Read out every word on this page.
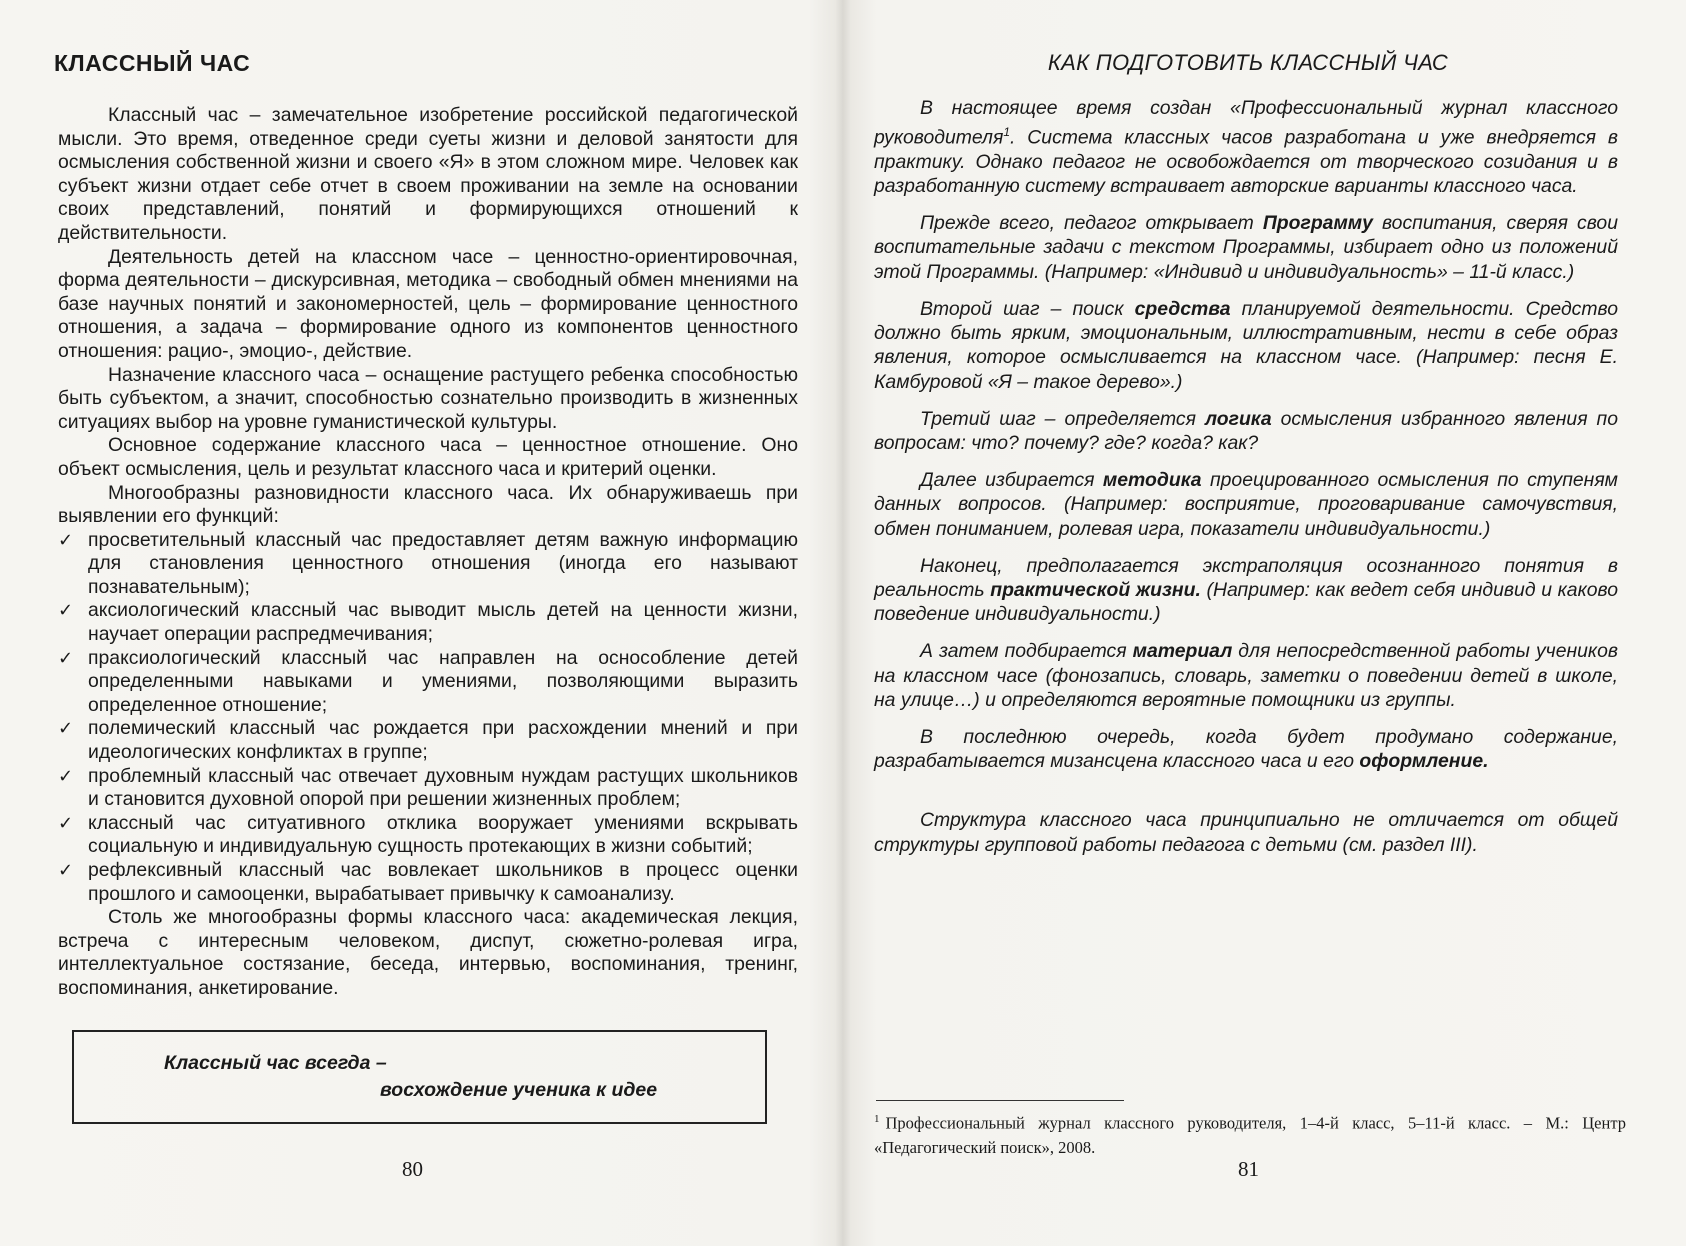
КЛАССНЫЙ ЧАС

Классный час – замечательное изобретение российской педагогической мысли. Это время, отведенное среди суеты жизни и деловой занятости для осмысления собственной жизни и своего «Я» в этом сложном мире. Человек как субъект жизни отдает себе отчет в своем проживании на земле на основании своих представлений, понятий и формирующихся отношений к действительности.

Деятельность детей на классном часе – ценностно-ориентировочная, форма деятельности – дискурсивная, методика – свободный обмен мнениями на базе научных понятий и закономерностей, цель – формирование ценностного отношения, а задача – формирование одного из компонентов ценностного отношения: рацио-, эмоцио-, действие.

Назначение классного часа – оснащение растущего ребенка способностью быть субъектом, а значит, способностью сознательно производить в жизненных ситуациях выбор на уровне гуманистической культуры.

Основное содержание классного часа – ценностное отношение. Оно объект осмысления, цель и результат классного часа и критерий оценки.

Многообразны разновидности классного часа. Их обнаруживаешь при выявлении его функций:

✓ просветительный классный час предоставляет детям важную информацию для становления ценностного отношения (иногда его называют познавательным);
✓ аксиологический классный час выводит мысль детей на ценности жизни, научает операции распредмечивания;
✓ праксиологический классный час направлен на оснособление детей определенными навыками и умениями, позволяющими выразить определенное отношение;
✓ полемический классный час рождается при расхождении мнений и при идеологических конфликтах в группе;
✓ проблемный классный час отвечает духовным нуждам растущих школьников и становится духовной опорой при решении жизненных проблем;
✓ классный час ситуативного отклика вооружает умениями вскрывать социальную и индивидуальную сущность протекающих в жизни событий;
✓ рефлексивный классный час вовлекает школьников в процесс оценки прошлого и самооценки, вырабатывает привычку к самоанализу.

Столь же многообразны формы классного часа: академическая лекция, встреча с интересным человеком, диспут, сюжетно-ролевая игра, интеллектуальное состязание, беседа, интервью, воспоминания, тренинг, воспоминания, анкетирование.

Классный час всегда –
восхождение ученика к идее
80
КАК ПОДГОТОВИТЬ КЛАССНЫЙ ЧАС

В настоящее время создан «Профессиональный журнал классного руководителя$^1$. Система классных часов разработана и уже внедряется в практику. Однако педагог не освобождается от творческого созидания и в разработанную систему встраивает авторские варианты классного часа.

Прежде всего, педагог открывает Программу воспитания, сверяя свои воспитательные задачи с текстом Программы, избирает одно из положений этой Программы. (Например: «Индивид и индивидуальность» – 11-й класс.)

Второй шаг – поиск средства планируемой деятельности. Средство должно быть ярким, эмоциональным, иллюстративным, нести в себе образ явления, которое осмысливается на классном часе. (Например: песня Е. Камбуровой «Я – такое дерево».)

Третий шаг – определяется логика осмысления избранного явления по вопросам: что? почему? где? когда? как?

Далее избирается методика проецированного осмысления по ступеням данных вопросов. (Например: восприятие, проговаривание самочувствия, обмен пониманием, ролевая игра, показатели индивидуальности.)

Наконец, предполагается экстраполяция осознанного понятия в реальность практической жизни. (Например: как ведет себя индивид и каково поведение индивидуальности.)

А затем подбирается материал для непосредственной работы учеников на классном часе (фонозапись, словарь, заметки о поведении детей в школе, на улице…) и определяются вероятные помощники из группы.

В последнюю очередь, когда будет продумано содержание, разрабатывается мизансцена классного часа и его оформление.

Структура классного часа принципиально не отличается от общей структуры групповой работы педагога с детьми (см. раздел III).

$^1$ Профессиональный журнал классного руководителя, 1–4-й класс, 5–11-й класс. – М.: Центр «Педагогический поиск», 2008.
81
